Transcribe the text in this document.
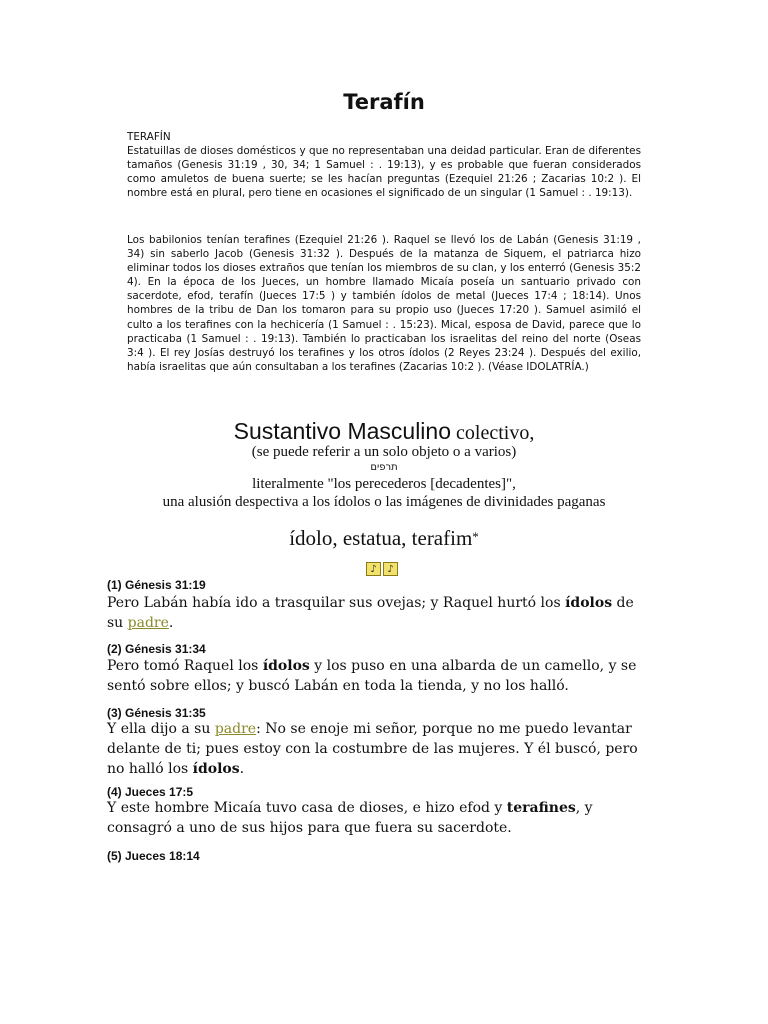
Terafín

TERAFÍN

Estatuillas de dioses domésticos y que no representaban una deidad particular. Eran de diferentes tamaños (Genesis 31:19 , 30, 34; 1 Samuel : . 19:13), y es probable que fueran considerados como amuletos de buena suerte; se les hacían preguntas (Ezequiel 21:26 ; Zacarias 10:2 ). El nombre está en plural, pero tiene en ocasiones el significado de un singular (1 Samuel : . 19:13).

Los babilonios tenían terafines (Ezequiel 21:26 ). Raquel se llevó los de Labán (Genesis 31:19 , 34) sin saberlo Jacob (Genesis 31:32 ). Después de la matanza de Siquem, el patriarca hizo eliminar todos los dioses extraños que tenían los miembros de su clan, y los enterró (Genesis 35:2 4). En la época de los Jueces, un hombre llamado Micaía poseía un santuario privado con sacerdote, efod, terafín (Jueces 17:5 ) y también ídolos de metal (Jueces 17:4 ; 18:14). Unos hombres de la tribu de Dan los tomaron para su propio uso (Jueces 17:20 ). Samuel asimiló el culto a los terafines con la hechicería (1 Samuel : . 15:23). Mical, esposa de David, parece que lo practicaba (1 Samuel : . 19:13). También lo practicaban los israelitas del reino del norte (Oseas 3:4 ). El rey Josías destruyó los terafines y los otros ídolos (2 Reyes 23:24 ). Después del exilio, había israelitas que aún consultaban a los terafines (Zacarias 10:2 ). (Véase IDOLATRÍA.)

Sustantivo Masculino colectivo,

(se puede referir a un solo objeto o a varios)

תרפים

literalmente "los perecederos [decadentes]",

una alusión despectiva a los ídolos o las imágenes de divinidades paganas

ídolo, estatua, terafim*

♪	♪

(1) Génesis 31:19

Pero Labán había ido a trasquilar sus ovejas; y Raquel hurtó los ídolos de su padre.

(2) Génesis 31:34

Pero tomó Raquel los ídolos y los puso en una albarda de un camello, y se sentó sobre ellos; y buscó Labán en toda la tienda, y no los halló.

(3) Génesis 31:35

Y ella dijo a su padre: No se enoje mi señor, porque no me puedo levantar delante de ti; pues estoy con la costumbre de las mujeres. Y él buscó, pero no halló los ídolos.

(4) Jueces 17:5

Y este hombre Micaía tuvo casa de dioses, e hizo efod y terafines, y consagró a uno de sus hijos para que fuera su sacerdote.

(5) Jueces 18:14
